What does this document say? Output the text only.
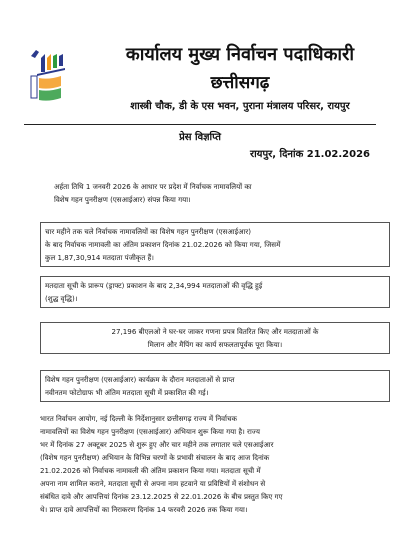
कार्यालय मुख्य निर्वाचन पदाधिकारी
छत्तीसगढ़
शास्त्री चौक, डी के एस भवन, पुराना मंत्रालय परिसर, रायपुर
प्रेस विज्ञप्ति
रायपुर, दिनांक 21.02.2026
अर्हता तिथि 1 जनवरी 2026 के आधार पर प्रदेश में निर्वाचक नामावलियों का
विशेष गहन पुनरीक्षण (एसआईआर) संपन्न किया गया।
चार महीने तक चले निर्वाचक नामावलियों का विशेष गहन पुनरीक्षण (एसआईआर)
के बाद निर्वाचक नामावली का अंतिम प्रकाशन दिनांक 21.02.2026 को किया गया, जिसमें
कुल 1,87,30,914 मतदाता पंजीकृत हैं।
मतदाता सूची के प्रारूप (ड्राफ्ट) प्रकाशन के बाद 2,34,994 मतदाताओं की वृद्धि हुई
(शुद्ध वृद्धि)।
27,196 बीएलओ ने घर-घर जाकर गणना प्रपत्र वितरित किए और मतदाताओं के
मिलान और मैपिंग का कार्य सफलतापूर्वक पूरा किया।
विशेष गहन पुनरीक्षण (एसआईआर) कार्यक्रम के दौरान मतदाताओं से प्राप्त
नवीनतम फोटोग्राफ भी अंतिम मतदाता सूची में प्रकाशित की गई।
भारत निर्वाचन आयोग, नई दिल्ली के निर्देशानुसार छत्तीसगढ़ राज्य में निर्वाचक
नामावलियों का विशेष गहन पुनरीक्षण (एसआईआर) अभियान शुरू किया गया है। राज्य
भर में दिनांक 27 अक्टूबर 2025 से शुरू हुए और चार महीने तक लगातार चले एसआईआर
(विशेष गहन पुनरीक्षण) अभियान के विभिन्न चरणों के प्रभावी संचालन के बाद आज दिनांक
21.02.2026 को निर्वाचक नामावली की अंतिम प्रकाशन किया गया। मतदाता सूची में
अपना नाम शामिल कराने, मतदाता सूची से अपना नाम हटवाने या प्रविष्टियों में संशोधन से
संबंधित दावे और आपत्तियां दिनांक 23.12.2025 से 22.01.2026 के बीच प्रस्तुत किए गए
थे। प्राप्त दावे आपत्तियों का निराकरण दिनांक 14 फरवरी 2026 तक किया गया।
